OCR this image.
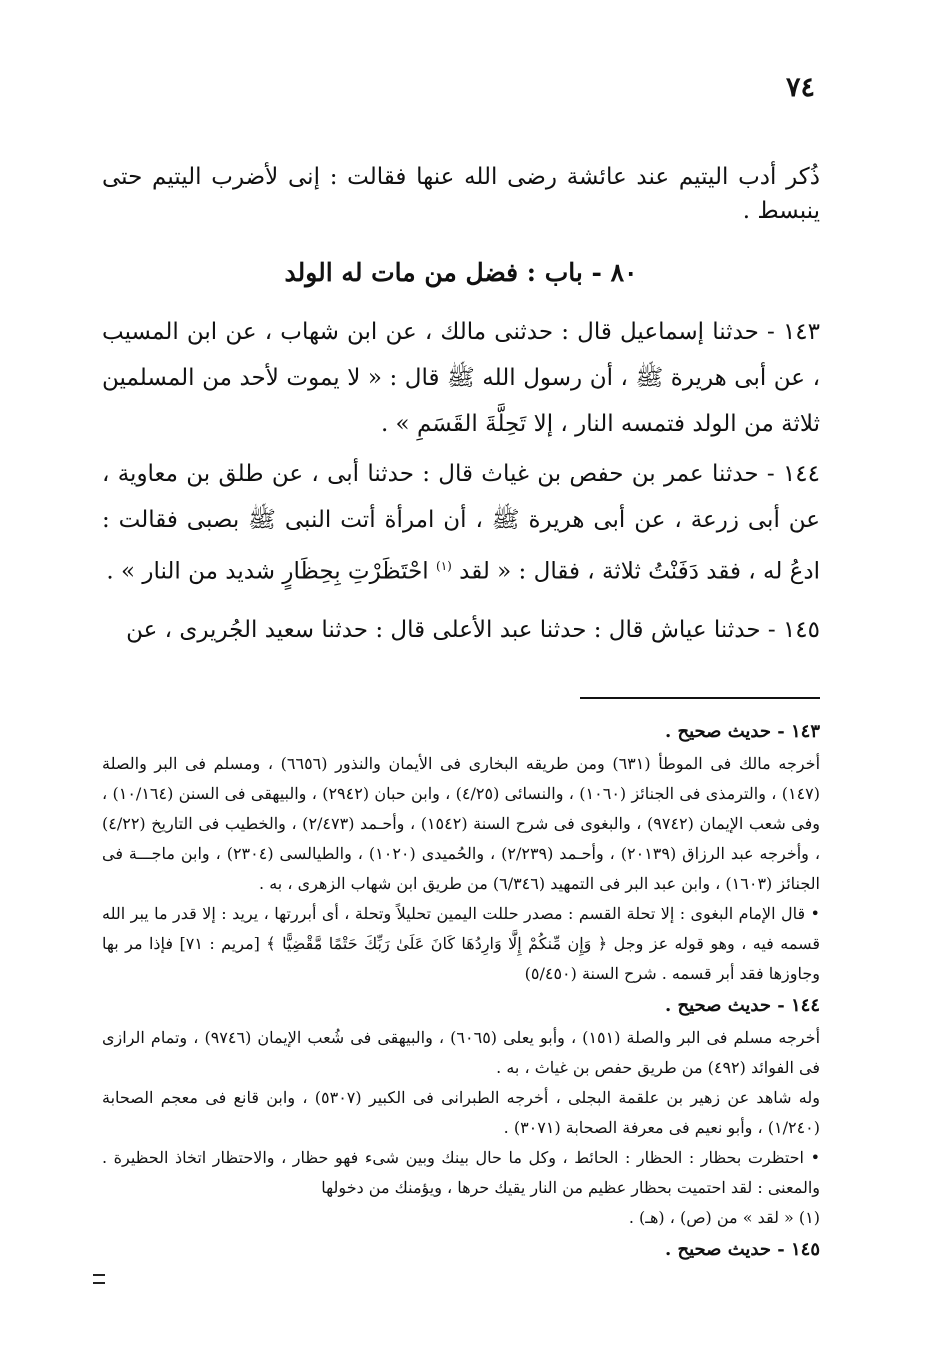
٧٤
ذُكر أدب اليتيم عند عائشة رضى الله عنها فقالت : إنى لأضرب اليتيم حتى ينبسط .
٨٠ - باب : فضل من مات له الولد

١٤٣ - حدثنا إسماعيل قال : حدثنى مالك ، عن ابن شهاب ، عن ابن المسيب ، عن أبى هريرة ﷺ ، أن رسول الله ﷺ قال : « لا يموت لأحد من المسلمين ثلاثة من الولد فتمسه النار ، إلا تَحِلَّةَ القَسَمِ » .

١٤٤ - حدثنا عمر بن حفص بن غياث قال : حدثنا أبى ، عن طلق بن معاوية ، عن أبى زرعة ، عن أبى هريرة ﷺ ، أن امرأة أتت النبى ﷺ بصبى فقالت : ادعُ له ، فقد دَفَنْتُ ثلاثة ، فقال : « لقد $^{(١)}$ احْتَظَرْتِ بِحِظَارٍ شديد من النار » .

١٤٥ - حدثنا عياش قال : حدثنا عبد الأعلى قال : حدثنا سعيد الجُريرى ، عن

١٤٣ - حديث صحيح .

أخرجه مالك فى الموطأ (٦٣١) ومن طريقه البخارى فى الأيمان والنذور (٦٦٥٦) ، ومسلم فى البر والصلة (١٤٧) ، والترمذى فى الجنائز (١٠٦٠) ، والنسائى (٤/٢٥) ، وابن حبان (٢٩٤٢) ، والبيهقى فى السنن (١٠/١٦٤) ، وفى شعب الإيمان (٩٧٤٢) ، والبغوى فى شرح السنة (١٥٤٢) ، وأحـمد (٢/٤٧٣) ، والخطيب فى التاريخ (٤/٢٢) ، وأخرجه عبد الرزاق (٢٠١٣٩) ، وأحـمد (٢/٢٣٩) ، والحُميدى (١٠٢٠) ، والطيالسى (٢٣٠٤) ، وابن ماجـــة فى الجنائز (١٦٠٣) ، وابن عبد البر فى التمهيد (٦/٣٤٦) من طريق ابن شهاب الزهرى ، به .

• قال الإمام البغوى : إلا تحلة القسم : مصدر حللت اليمين تحليلاً وتحلة ، أى أبررتها ، يريد : إلا قدر ما يبر الله قسمه فيه ، وهو قوله عز وجل ﴿ وَإِن مِّنكُمْ إِلَّا وَارِدُهَا كَانَ عَلَىٰ رَبِّكَ حَتْمًا مَّقْضِيًّا ﴾ [مريم : ٧١] فإذا مر بها وجاوزها فقد أبر قسمه . شرح السنة (٥/٤٥٠)

١٤٤ - حديث صحيح .

أخرجه مسلم فى البر والصلة (١٥١) ، وأبو يعلى (٦٠٦٥) ، والبيهقى فى شُعب الإيمان (٩٧٤٦) ، وتمام الرازى فى الفوائد (٤٩٢) من طريق حفص بن غياث ، به .

وله شاهد عن زهير بن علقمة البجلى ، أخرجه الطبرانى فى الكبير (٥٣٠٧) ، وابن قانع فى معجم الصحابة (١/٢٤٠) ، وأبو نعيم فى معرفة الصحابة (٣٠٧١) .

• احتظرت بحظار : الحظار : الحائط ، وكل ما حال بينك وبين شىء فهو حظار ، والاحتظار اتخاذ الحظيرة . والمعنى : لقد احتميت بحظار عظيم من النار يقيك حرها ، ويؤمنك من دخولها

(١) « لقد » من (ص) ، (هـ) .

١٤٥ - حديث صحيح .
